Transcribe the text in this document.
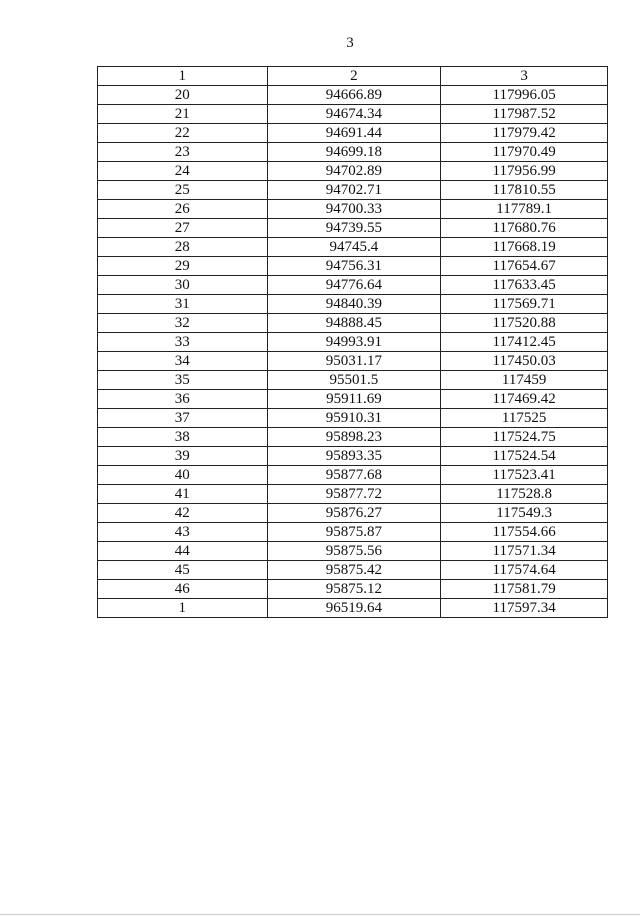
3
1	2	3
20	94666.89	117996.05
21	94674.34	117987.52
22	94691.44	117979.42
23	94699.18	117970.49
24	94702.89	117956.99
25	94702.71	117810.55
26	94700.33	117789.1
27	94739.55	117680.76
28	94745.4	117668.19
29	94756.31	117654.67
30	94776.64	117633.45
31	94840.39	117569.71
32	94888.45	117520.88
33	94993.91	117412.45
34	95031.17	117450.03
35	95501.5	117459
36	95911.69	117469.42
37	95910.31	117525
38	95898.23	117524.75
39	95893.35	117524.54
40	95877.68	117523.41
41	95877.72	117528.8
42	95876.27	117549.3
43	95875.87	117554.66
44	95875.56	117571.34
45	95875.42	117574.64
46	95875.12	117581.79
1	96519.64	117597.34
